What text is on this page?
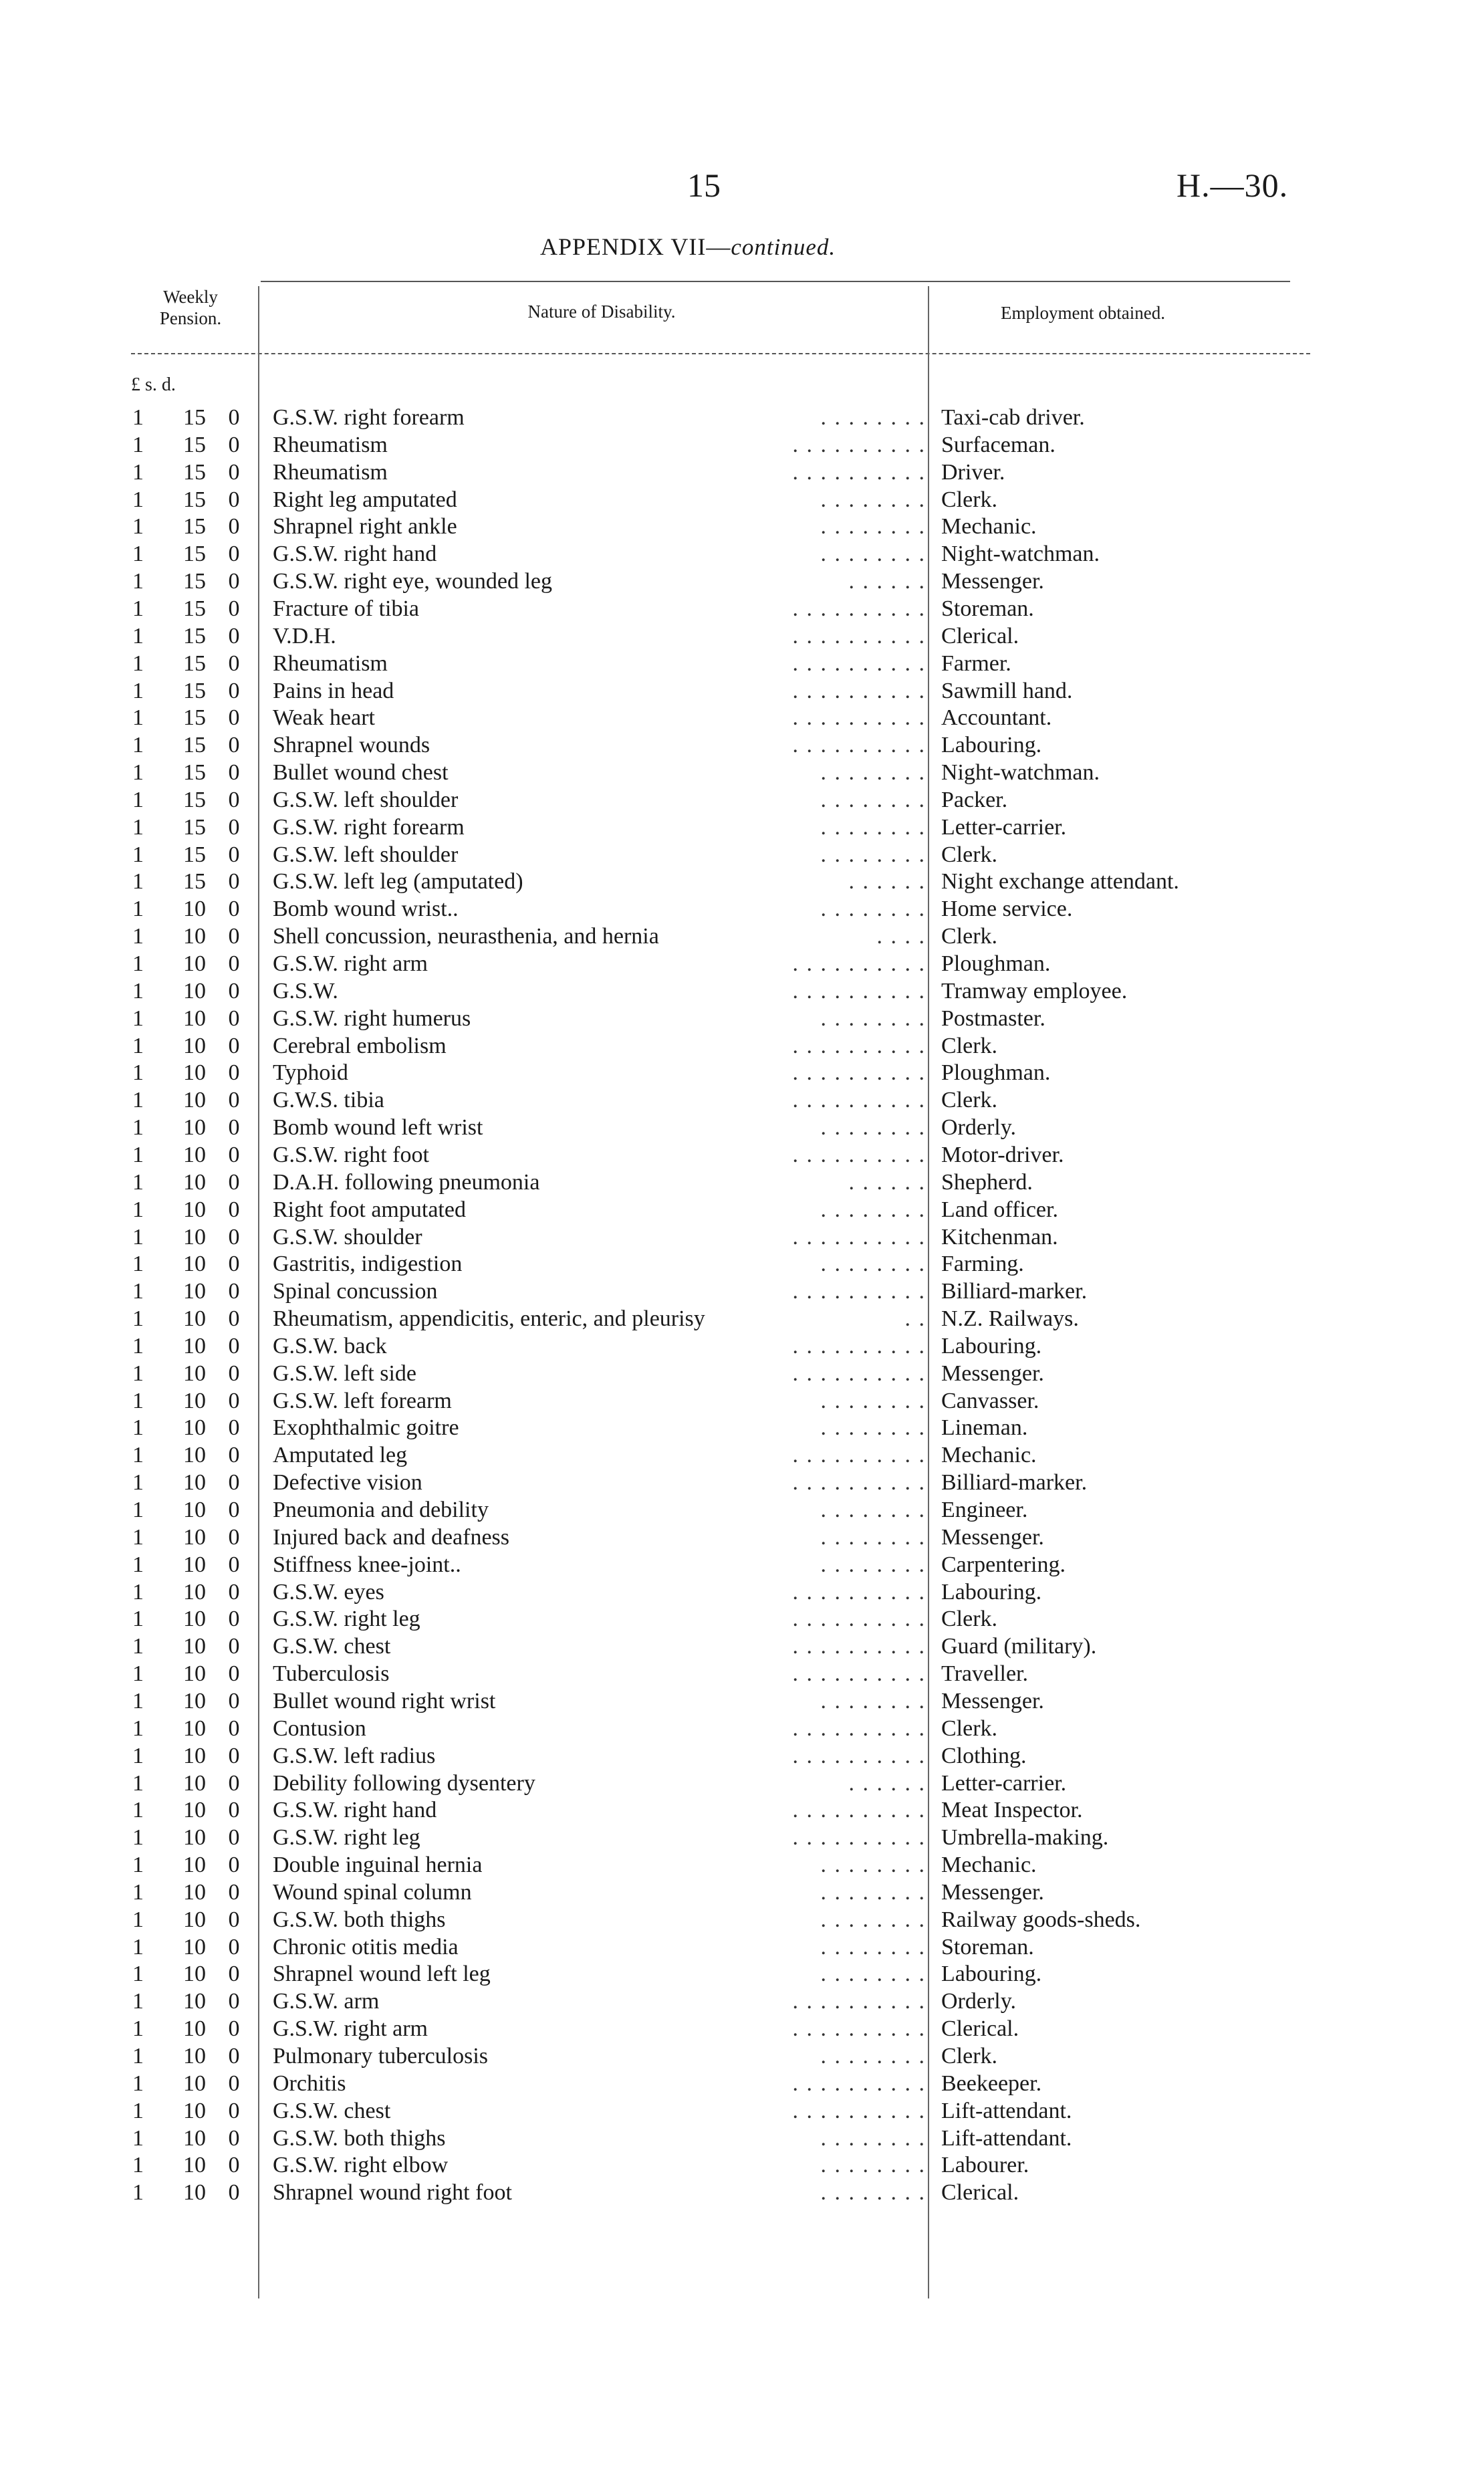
15	H.—30.
APPENDIX VII—continued.
Weekly Pension.	Nature of Disability.	Employment obtained.
£ s. d.
1	15 0 G.S.W. right forearm	Taxi-cab driver.
. . . . . . . .
1	15 0 Rheumatism	Surfaceman.
. . . . . . . . . .
1	15 0 Rheumatism	Driver.
. . . . . . . . . .
1	15 0 Right leg amputated	Clerk.
. . . . . . . .
1	15 0 Shrapnel right ankle	Mechanic.
. . . . . . . .
1	15 0 G.S.W. right hand	Night-watchman.
. . . . . . . .
1	15 0 G.S.W. right eye, wounded leg	Messenger.
. . . . . .
1	15 0 Fracture of tibia	Storeman.
. . . . . . . . . .
1	15 0 V.D.H.	Clerical.
. . . . . . . . . .
1	15 0 Rheumatism	Farmer.
. . . . . . . . . .
1	15 0 Pains in head	Sawmill hand.
. . . . . . . . . .
1	15 0 Weak heart	Accountant.
. . . . . . . . . .
1	15 0 Shrapnel wounds	Labouring.
. . . . . . . . . .
1	15 0 Bullet wound chest	Night-watchman.
. . . . . . . .
1	15 0 G.S.W. left shoulder	Packer.
. . . . . . . .
1	15 0 G.S.W. right forearm	Letter-carrier.
. . . . . . . .
1	15 0 G.S.W. left shoulder	Clerk.
. . . . . . . .
1	15 0 G.S.W. left leg (amputated)	Night exchange attendant.
. . . . . .
1	10 0 Bomb wound wrist..	Home service.
. . . . . . . .
1	10 0 Shell concussion, neurasthenia, and hernia	Clerk.
. . . .
1	10 0 G.S.W. right arm	Ploughman.
. . . . . . . . . .
1	10 0 G.S.W.	Tramway employee.
. . . . . . . . . .
1	10 0 G.S.W. right humerus	Postmaster.
. . . . . . . .
1	10 0 Cerebral embolism	Clerk.
. . . . . . . . . .
1	10 0 Typhoid	Ploughman.
. . . . . . . . . .
1	10 0 G.W.S. tibia	Clerk.
. . . . . . . . . .
1	10 0 Bomb wound left wrist	Orderly.
. . . . . . . .
1	10 0 G.S.W. right foot	Motor-driver.
. . . . . . . . . .
1	10 0 D.A.H. following pneumonia	Shepherd.
. . . . . .
1	10 0 Right foot amputated	Land officer.
. . . . . . . .
1	10 0 G.S.W. shoulder	Kitchenman.
. . . . . . . . . .
1	10 0 Gastritis, indigestion	Farming.
. . . . . . . .
1	10 0 Spinal concussion	Billiard-marker.
. . . . . . . . . .
1	10 0 Rheumatism, appendicitis, enteric, and pleurisy	N.Z. Railways.
. .
1	10 0 G.S.W. back	Labouring.
. . . . . . . . . .
1	10 0 G.S.W. left side	Messenger.
. . . . . . . . . .
1	10 0 G.S.W. left forearm	Canvasser.
. . . . . . . .
1	10 0 Exophthalmic goitre	Lineman.
. . . . . . . .
1	10 0 Amputated leg	Mechanic.
. . . . . . . . . .
1	10 0 Defective vision	Billiard-marker.
. . . . . . . . . .
1	10 0 Pneumonia and debility	Engineer.
. . . . . . . .
1	10 0 Injured back and deafness	Messenger.
. . . . . . . .
1	10 0 Stiffness knee-joint..	Carpentering.
. . . . . . . .
1	10 0 G.S.W. eyes	Labouring.
. . . . . . . . . .
1	10 0 G.S.W. right leg	Clerk.
. . . . . . . . . .
1	10 0 G.S.W. chest	Guard (military).
. . . . . . . . . .
1	10 0 Tuberculosis	Traveller.
. . . . . . . . . .
1	10 0 Bullet wound right wrist	Messenger.
. . . . . . . .
1	10 0 Contusion	Clerk.
. . . . . . . . . .
1	10 0 G.S.W. left radius	Clothing.
. . . . . . . . . .
1	10 0 Debility following dysentery	Letter-carrier.
. . . . . .
1	10 0 G.S.W. right hand	Meat Inspector.
. . . . . . . . . .
1	10 0 G.S.W. right leg	Umbrella-making.
. . . . . . . . . .
1	10 0 Double inguinal hernia	Mechanic.
. . . . . . . .
1	10 0 Wound spinal column	Messenger.
. . . . . . . .
1	10 0 G.S.W. both thighs	Railway goods-sheds.
. . . . . . . .
1	10 0 Chronic otitis media	Storeman.
. . . . . . . .
1	10 0 Shrapnel wound left leg	Labouring.
. . . . . . . .
1	10 0 G.S.W. arm	Orderly.
. . . . . . . . . .
1	10 0 G.S.W. right arm	Clerical.
. . . . . . . . . .
1	10 0 Pulmonary tuberculosis	Clerk.
. . . . . . . .
1	10 0 Orchitis	Beekeeper.
. . . . . . . . . .
1	10 0 G.S.W. chest	Lift-attendant.
. . . . . . . . . .
1	10 0 G.S.W. both thighs	Lift-attendant.
. . . . . . . .
1	10 0 G.S.W. right elbow	Labourer.
. . . . . . . .
1	10 0 Shrapnel wound right foot	Clerical.
. . . . . . . .
